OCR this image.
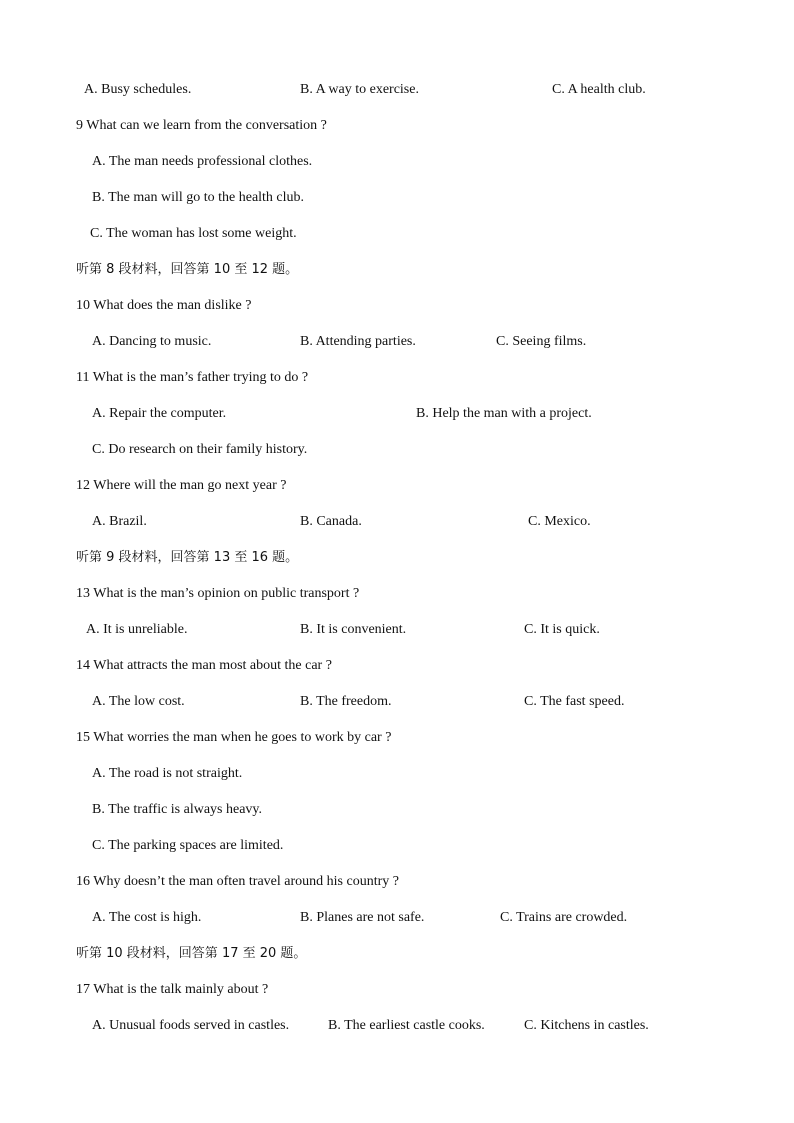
A. Busy schedules.	B. A way to exercise.	C. A health club.
9 What can we learn from the conversation ?
A. The man needs professional clothes.
B. The man will go to the health club.
C. The woman has lost some weight.
听第 8 段材料，回答第 10 至 12 题。
10 What does the man dislike ?
A. Dancing to music.	B. Attending parties.	C. Seeing films.
11 What is the man’s father trying to do ?
A. Repair the computer.	B. Help the man with a project.
C. Do research on their family history.
12 Where will the man go next year ?
A. Brazil.	B. Canada.	C. Mexico.
听第 9 段材料，回答第 13 至 16 题。
13 What is the man’s opinion on public transport ?
A. It is unreliable.	B. It is convenient.	C. It is quick.
14 What attracts the man most about the car ?
A. The low cost.	B. The freedom.	C. The fast speed.
15 What worries the man when he goes to work by car ?
A. The road is not straight.
B. The traffic is always heavy.
C. The parking spaces are limited.
16 Why doesn’t the man often travel around his country ?
A. The cost is high.	B. Planes are not safe.	C. Trains are crowded.
听第 10 段材料，回答第 17 至 20 题。
17 What is the talk mainly about ?
A. Unusual foods served in castles.	B. The earliest castle cooks.	C. Kitchens in castles.
